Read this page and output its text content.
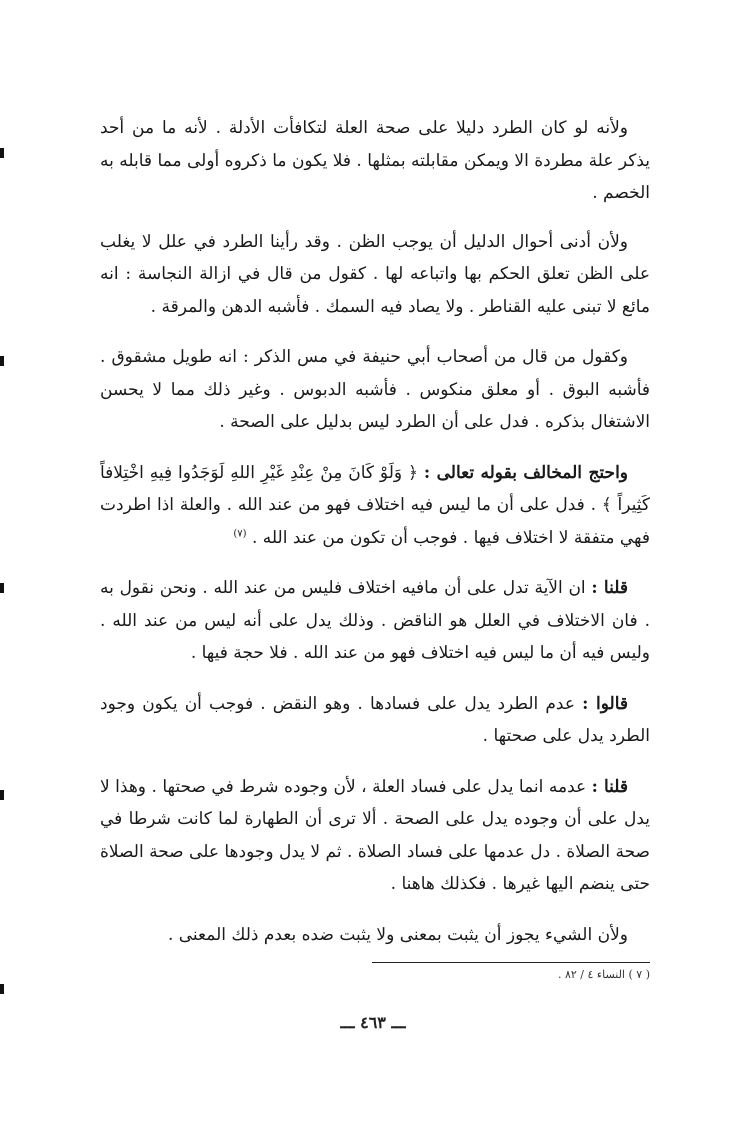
ولأنه لو كان الطرد دليلا على صحة العلة لتكافأت الأدلة . لأنه ما من أحد يذكر علة مطردة الا ويمكن مقابلته بمثلها . فلا يكون ما ذكروه أولى مما قابله به الخصم .

ولأن أدنى أحوال الدليل أن يوجب الظن . وقد رأينا الطرد في علل لا يغلب على الظن تعلق الحكم بها واتباعه لها . كقول من قال في ازالة النجاسة : انه مائع لا تبنى عليه القناطر . ولا يصاد فيه السمك . فأشبه الدهن والمرقة .

وكقول من قال من أصحاب أبي حنيفة في مس الذكر : انه طويل مشقوق . فأشبه البوق . أو معلق منكوس . فأشبه الدبوس . وغير ذلك مما لا يحسن الاشتغال بذكره . فدل على أن الطرد ليس بدليل على الصحة .

واحتج المخالف بقوله تعالى : ﴿ وَلَوْ كَانَ مِنْ عِنْدِ غَيْرِ اللهِ لَوَجَدُوا فِيهِ اخْتِلافاً كَثِيراً ﴾ . فدل على أن ما ليس فيه اختلاف فهو من عند الله . والعلة اذا اطردت فهي متفقة لا اختلاف فيها . فوجب أن تكون من عند الله . $^{(٧)}$

قلنا : ان الآية تدل على أن مافيه اختلاف فليس من عند الله . ونحن نقول به . فان الاختلاف في العلل هو الناقض . وذلك يدل على أنه ليس من عند الله . وليس فيه أن ما ليس فيه اختلاف فهو من عند الله . فلا حجة فيها .

قالوا : عدم الطرد يدل على فسادها . وهو النقض . فوجب أن يكون وجود الطرد يدل على صحتها .

قلنا : عدمه انما يدل على فساد العلة ، لأن وجوده شرط في صحتها . وهذا لا يدل على أن وجوده يدل على الصحة . ألا ترى أن الطهارة لما كانت شرطا في صحة الصلاة . دل عدمها على فساد الصلاة . ثم لا يدل وجودها على صحة الصلاة حتى ينضم اليها غيرها . فكذلك هاهنا .

ولأن الشيء يجوز أن يثبت بمعنى ولا يثبت ضده بعدم ذلك المعنى .

( ٧ ) النساء ٤ / ٨٢ .
ـــ ٤٦٣ ـــ
